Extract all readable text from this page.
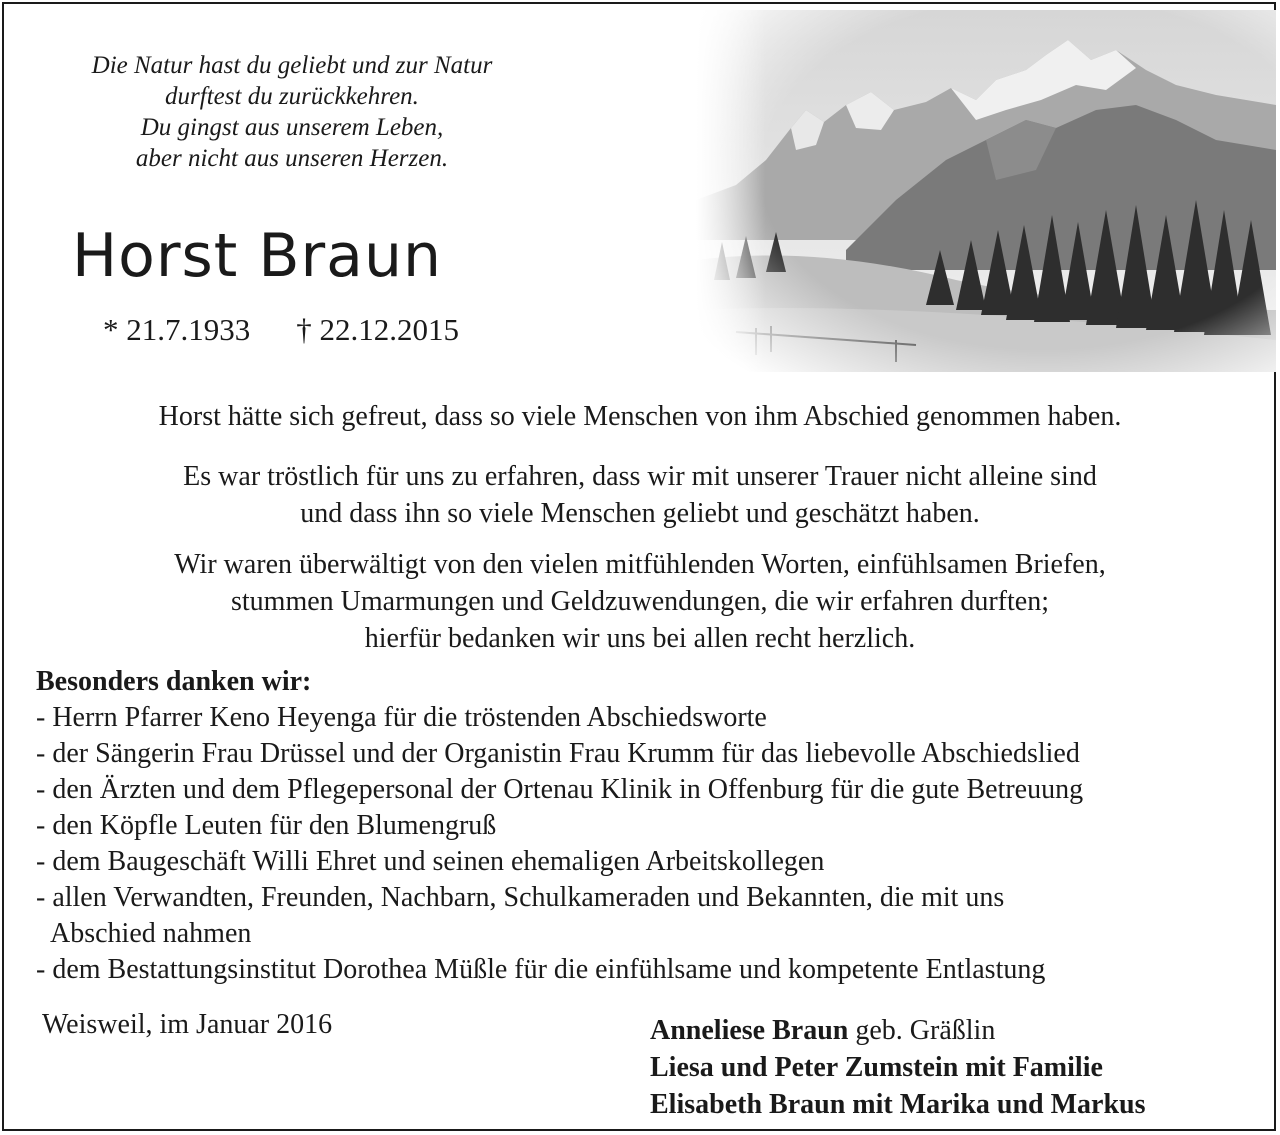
Die Natur hast du geliebt und zur Natur
durftest du zurückkehren.
Du gingst aus unserem Leben,
aber nicht aus unseren Herzen.
Horst Braun
* 21.7.1933 † 22.12.2015
Horst hätte sich gefreut, dass so viele Menschen von ihm Abschied genommen haben.
Es war tröstlich für uns zu erfahren, dass wir mit unserer Trauer nicht alleine sind
und dass ihn so viele Menschen geliebt und geschätzt haben.
Wir waren überwältigt von den vielen mitfühlenden Worten, einfühlsamen Briefen,
stummen Umarmungen und Geldzuwendungen, die wir erfahren durften;
hierfür bedanken wir uns bei allen recht herzlich.
Besonders danken wir:
- Herrn Pfarrer Keno Heyenga für die tröstenden Abschiedsworte
- der Sängerin Frau Drüssel und der Organistin Frau Krumm für das liebevolle Abschiedslied
- den Ärzten und dem Pflegepersonal der Ortenau Klinik in Offenburg für die gute Betreuung
- den Köpfle Leuten für den Blumengruß
- dem Baugeschäft Willi Ehret und seinen ehemaligen Arbeitskollegen
- allen Verwandten, Freunden, Nachbarn, Schulkameraden und Bekannten, die mit uns
Abschied nahmen
- dem Bestattungsinstitut Dorothea Müßle für die einfühlsame und kompetente Entlastung
Weisweil, im Januar 2016	Anneliese Braun geb. Gräßlin
Liesa und Peter Zumstein mit Familie
Elisabeth Braun mit Marika und Markus
